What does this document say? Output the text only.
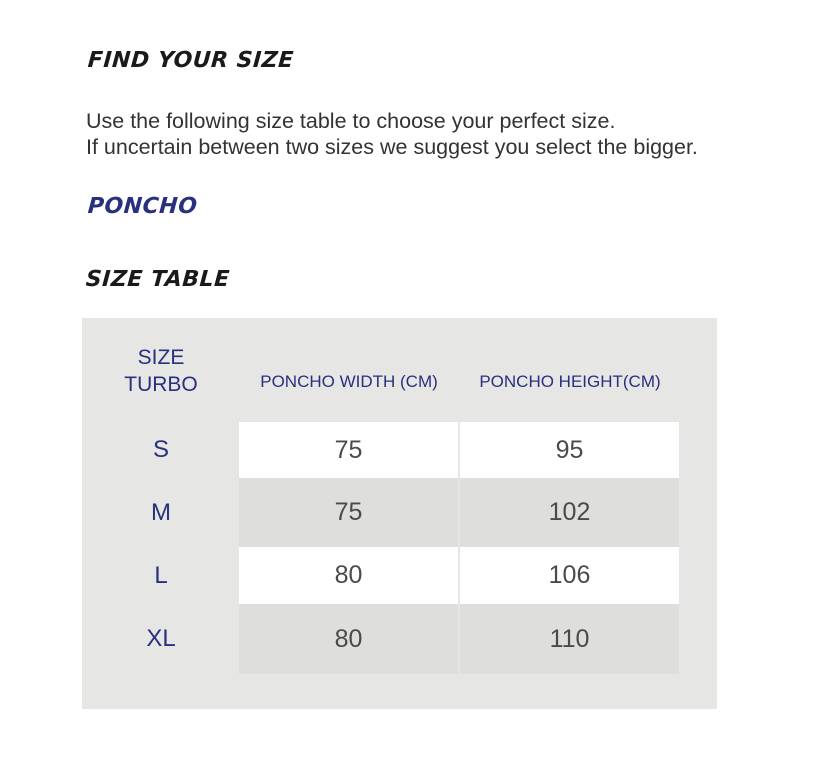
FIND YOUR SIZE

Use the following size table to choose your perfect size.
If uncertain between two sizes we suggest you select the bigger.

PONCHO
SIZE TABLE
SIZE
TURBO	PONCHO WIDTH (CM)	PONCHO HEIGHT(CM)
S	75	95
M	75	102
L	80	106
XL	80	110
